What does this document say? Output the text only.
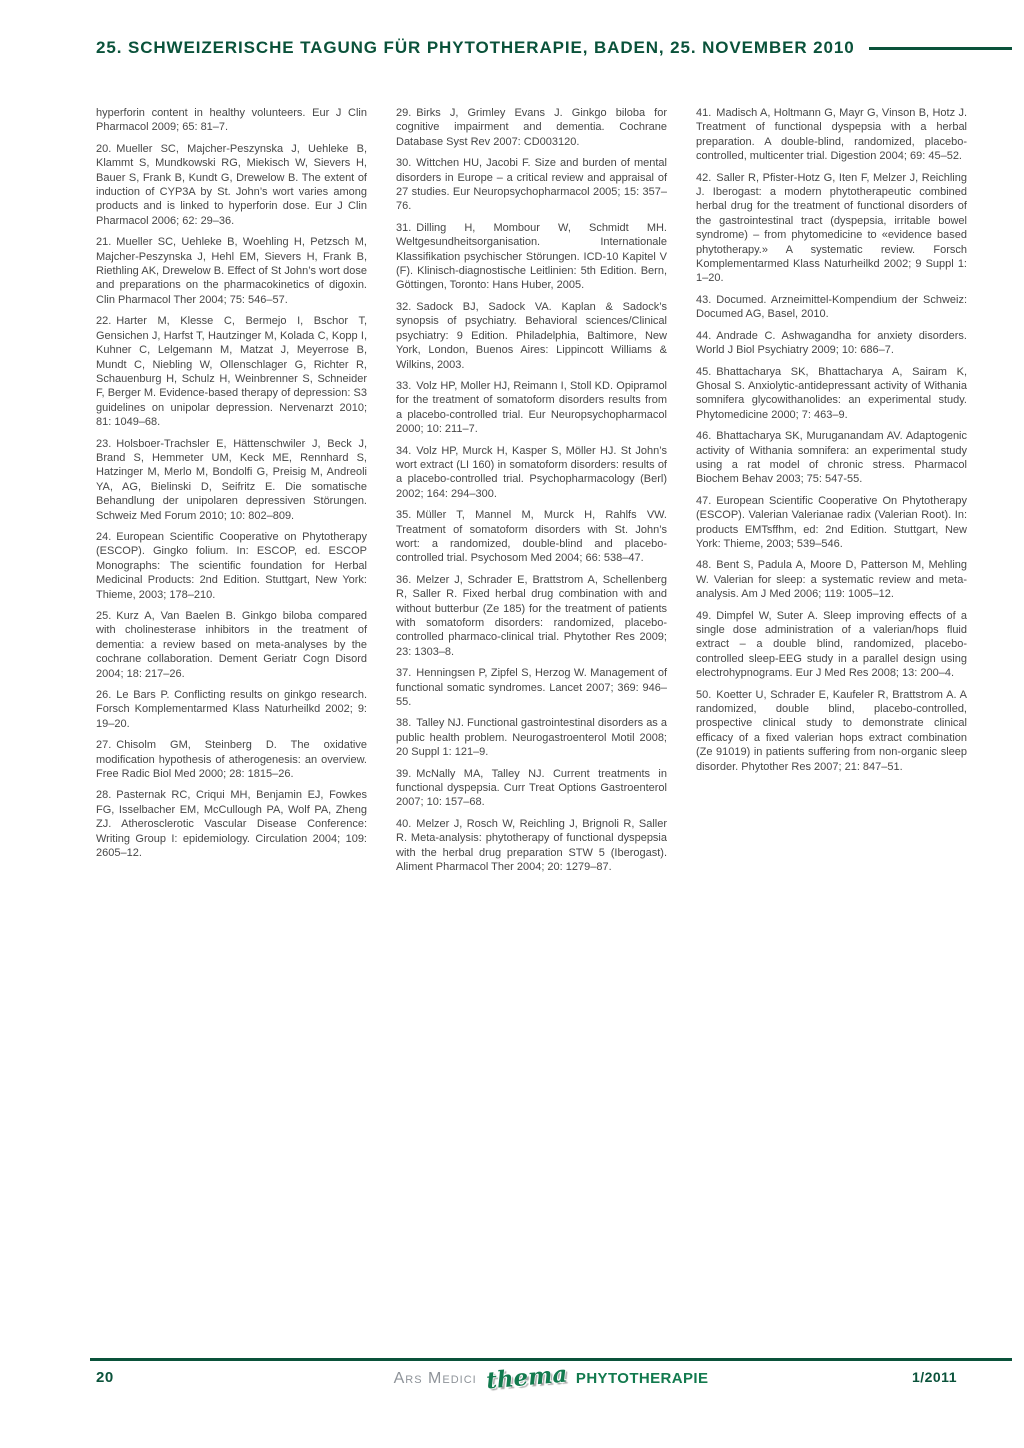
25. SCHWEIZERISCHE TAGUNG FÜR PHYTOTHERAPIE, BADEN, 25. NOVEMBER 2010

hyperforin content in healthy volunteers. Eur J Clin Pharmacol 2009; 65: 81–7.

20. Mueller SC, Majcher-Peszynska J, Uehleke B, Klammt S, Mundkowski RG, Miekisch W, Sievers H, Bauer S, Frank B, Kundt G, Drewelow B. The extent of induction of CYP3A by St. John’s wort varies among products and is linked to hyperforin dose. Eur J Clin Pharmacol 2006; 62: 29–36.

21. Mueller SC, Uehleke B, Woehling H, Petzsch M, Majcher-Peszynska J, Hehl EM, Sievers H, Frank B, Riethling AK, Drewelow B. Effect of St John’s wort dose and preparations on the pharmacokinetics of digoxin. Clin Pharmacol Ther 2004; 75: 546–57.

22. Harter M, Klesse C, Bermejo I, Bschor T, Gensichen J, Harfst T, Hautzinger M, Kolada C, Kopp I, Kuhner C, Lelgemann M, Matzat J, Meyerrose B, Mundt C, Niebling W, Ollenschlager G, Richter R, Schauenburg H, Schulz H, Weinbrenner S, Schneider F, Berger M. Evidence-based therapy of depression: S3 guidelines on unipolar depression. Nervenarzt 2010; 81: 1049–68.

23. Holsboer-Trachsler E, Hättenschwiler J, Beck J, Brand S, Hemmeter UM, Keck ME, Rennhard S, Hatzinger M, Merlo M, Bondolfi G, Preisig M, Andreoli YA, AG, Bielinski D, Seifritz E. Die somatische Behandlung der unipolaren depressiven Störungen. Schweiz Med Forum 2010; 10: 802–809.

24. European Scientific Cooperative on Phytotherapy (ESCOP). Gingko folium. In: ESCOP, ed. ESCOP Monographs: The scientific foundation for Herbal Medicinal Products: 2nd Edition. Stuttgart, New York: Thieme, 2003; 178–210.

25. Kurz A, Van Baelen B. Ginkgo biloba compared with cholinesterase inhibitors in the treatment of dementia: a review based on meta-analyses by the cochrane collaboration. Dement Geriatr Cogn Disord 2004; 18: 217–26.

26. Le Bars P. Conflicting results on ginkgo research. Forsch Komplementarmed Klass Naturheilkd 2002; 9: 19–20.

27. Chisolm GM, Steinberg D. The oxidative modification hypothesis of atherogenesis: an overview. Free Radic Biol Med 2000; 28: 1815–26.

28. Pasternak RC, Criqui MH, Benjamin EJ, Fowkes FG, Isselbacher EM, McCullough PA, Wolf PA, Zheng ZJ. Atherosclerotic Vascular Disease Conference: Writing Group I: epidemiology. Circulation 2004; 109: 2605–12.

29. Birks J, Grimley Evans J. Ginkgo biloba for cognitive impairment and dementia. Cochrane Database Syst Rev 2007: CD003120.

30. Wittchen HU, Jacobi F. Size and burden of mental disorders in Europe – a critical review and appraisal of 27 studies. Eur Neuropsychopharmacol 2005; 15: 357–76.

31. Dilling H, Mombour W, Schmidt MH. Weltgesundheitsorganisation. Internationale Klassifikation psychischer Störungen. ICD-10 Kapitel V (F). Klinisch-diagnostische Leitlinien: 5th Edition. Bern, Göttingen, Toronto: Hans Huber, 2005.

32. Sadock BJ, Sadock VA. Kaplan & Sadock’s synopsis of psychiatry. Behavioral sciences/Clinical psychiatry: 9 Edition. Philadelphia, Baltimore, New York, London, Buenos Aires: Lippincott Williams & Wilkins, 2003.

33. Volz HP, Moller HJ, Reimann I, Stoll KD. Opipramol for the treatment of somatoform disorders results from a placebo-controlled trial. Eur Neuropsychopharmacol 2000; 10: 211–7.

34. Volz HP, Murck H, Kasper S, Möller HJ. St John’s wort extract (LI 160) in somatoform disorders: results of a placebo-controlled trial. Psychopharmacology (Berl) 2002; 164: 294–300.

35. Müller T, Mannel M, Murck H, Rahlfs VW. Treatment of somatoform disorders with St. John’s wort: a randomized, double-blind and placebo-controlled trial. Psychosom Med 2004; 66: 538–47.

36. Melzer J, Schrader E, Brattstrom A, Schellenberg R, Saller R. Fixed herbal drug combination with and without butterbur (Ze 185) for the treatment of patients with somatoform disorders: randomized, placebo-controlled pharmaco-clinical trial. Phytother Res 2009; 23: 1303–8.

37. Henningsen P, Zipfel S, Herzog W. Management of functional somatic syndromes. Lancet 2007; 369: 946–55.

38. Talley NJ. Functional gastrointestinal disorders as a public health problem. Neurogastroenterol Motil 2008; 20 Suppl 1: 121–9.

39. McNally MA, Talley NJ. Current treatments in functional dyspepsia. Curr Treat Options Gastroenterol 2007; 10: 157–68.

40. Melzer J, Rosch W, Reichling J, Brignoli R, Saller R. Meta-analysis: phytotherapy of functional dyspepsia with the herbal drug preparation STW 5 (Iberogast). Aliment Pharmacol Ther 2004; 20: 1279–87.

41. Madisch A, Holtmann G, Mayr G, Vinson B, Hotz J. Treatment of functional dyspepsia with a herbal preparation. A double-blind, randomized, placebo-controlled, multicenter trial. Digestion 2004; 69: 45–52.

42. Saller R, Pfister-Hotz G, Iten F, Melzer J, Reichling J. Iberogast: a modern phytotherapeutic combined herbal drug for the treatment of functional disorders of the gastrointestinal tract (dyspepsia, irritable bowel syndrome) – from phytomedicine to «evidence based phytotherapy.» A systematic review. Forsch Komplementarmed Klass Naturheilkd 2002; 9 Suppl 1: 1–20.

43. Documed. Arzneimittel-Kompendium der Schweiz: Documed AG, Basel, 2010.

44. Andrade C. Ashwagandha for anxiety disorders. World J Biol Psychiatry 2009; 10: 686–7.

45. Bhattacharya SK, Bhattacharya A, Sairam K, Ghosal S. Anxiolytic-antidepressant activity of Withania somnifera glycowithanolides: an experimental study. Phytomedicine 2000; 7: 463–9.

46. Bhattacharya SK, Muruganandam AV. Adaptogenic activity of Withania somnifera: an experimental study using a rat model of chronic stress. Pharmacol Biochem Behav 2003; 75: 547-55.

47. European Scientific Cooperative On Phytotherapy (ESCOP). Valerian Valerianae radix (Valerian Root). In: products EMTsffhm, ed: 2nd Edition. Stuttgart, New York: Thieme, 2003; 539–546.

48. Bent S, Padula A, Moore D, Patterson M, Mehling W. Valerian for sleep: a systematic review and meta-analysis. Am J Med 2006; 119: 1005–12.

49. Dimpfel W, Suter A. Sleep improving effects of a single dose administration of a valerian/hops fluid extract – a double blind, randomized, placebo-controlled sleep-EEG study in a parallel design using electrohypnograms. Eur J Med Res 2008; 13: 200–4.

50. Koetter U, Schrader E, Kaufeler R, Brattstrom A. A randomized, double blind, placebo-controlled, prospective clinical study to demonstrate clinical efficacy of a fixed valerian hops extract combination (Ze 91019) in patients suffering from non-organic sleep disorder. Phytother Res 2007; 21: 847–51.

20	Ars Medici thema PHYTOTHERAPIE	1/2011
